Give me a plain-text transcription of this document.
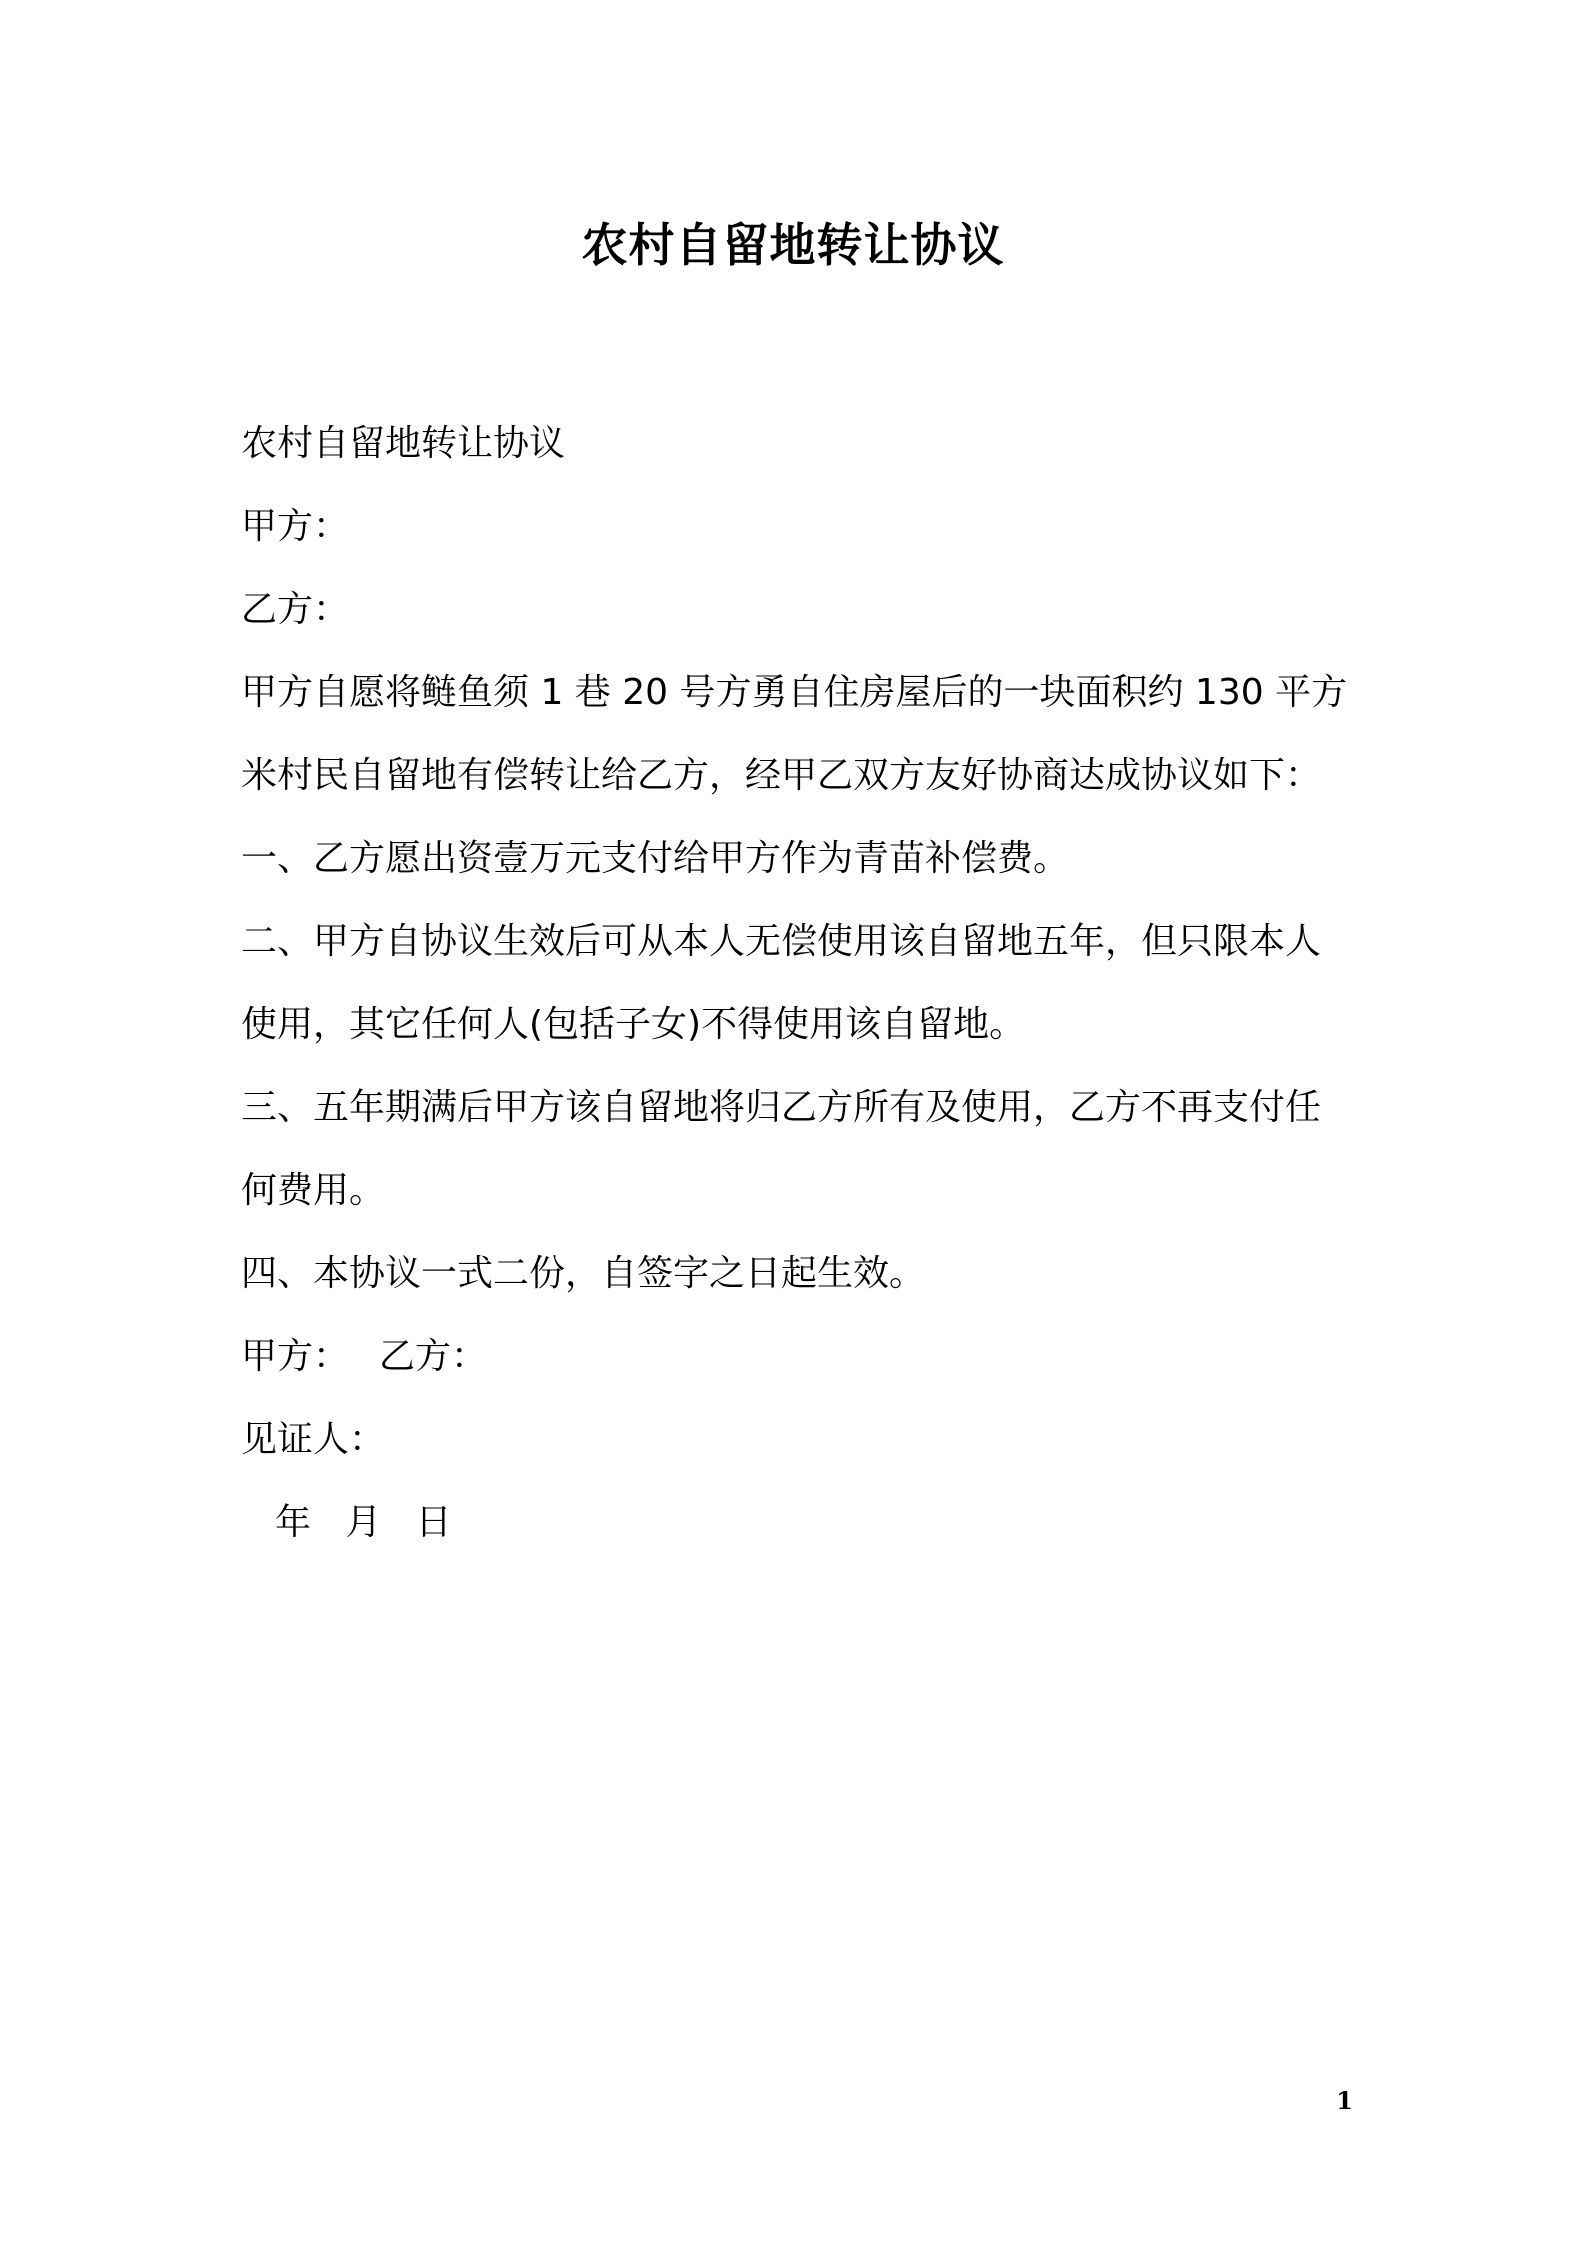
农村自留地转让协议
农村自留地转让协议
甲方：
乙方：
甲方自愿将鲢鱼须 1 巷 20 号方勇自住房屋后的一块面积约 130 平方
米村民自留地有偿转让给乙方，经甲乙双方友好协商达成协议如下：
一、乙方愿出资壹万元支付给甲方作为青苗补偿费。
二、甲方自协议生效后可从本人无偿使用该自留地五年，但只限本人
使用，其它任何人(包括子女)不得使用该自留地。
三、五年期满后甲方该自留地将归乙方所有及使用，乙方不再支付任
何费用。
四、本协议一式二份，自签字之日起生效。
甲方： 乙方：
见证人：
年   月   日
1
